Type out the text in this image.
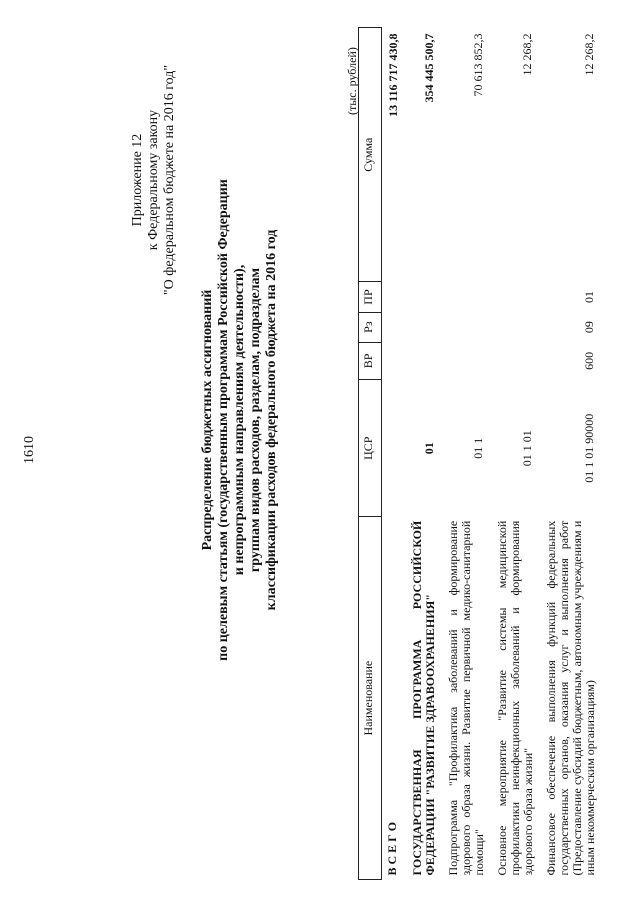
1610
Приложение 12 к Федеральному закону "О федеральном бюджете на 2016 год"
Распределение бюджетных ассигнований по целевым статьям (государственным программам Российской Федерации и непрограммным направлениям деятельности), группам видов расходов, разделам, подразделам классификации расходов федерального бюджета на 2016 год
(тыс. рублей)
Наименование	ЦСР	ВР	Рз	ПР	Сумма
В С Е Г О					13 116 717 430,8
ГОСУДАРСТВЕННАЯ ПРОГРАММА РОССИЙСКОЙ ФЕДЕРАЦИИ "РАЗВИТИЕ ЗДРАВООХРАНЕНИЯ"	01				354 445 500,7
Подпрограмма "Профилактика заболеваний и формирование здорового образа жизни. Развитие первичной медико-санитарной помощи"	01 1				70 613 852,3
Основное мероприятие "Развитие системы медицинской профилактики неинфекционных заболеваний и формирования здорового образа жизни"	01 1 01				12 268,2
Финансовое обеспечение выполнения функций федеральных государственных органов, оказания услуг и выполнения работ (Предоставление субсидий бюджетным, автономным учреждениям и иным некоммерческим организациям)	01 1 01 90000	600	09	01	12 268,2
